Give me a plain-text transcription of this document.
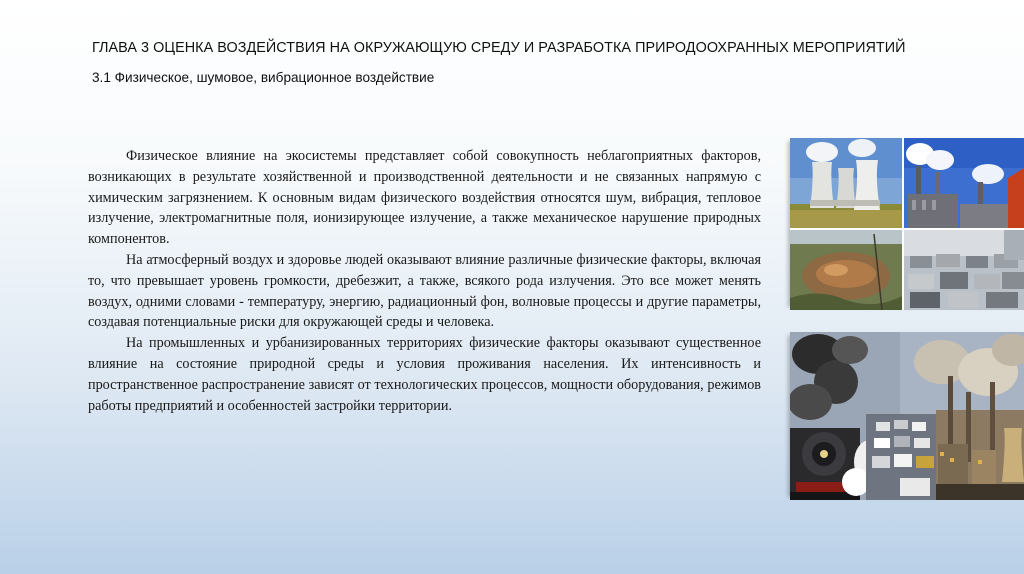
ГЛАВА 3 ОЦЕНКА ВОЗДЕЙСТВИЯ НА ОКРУЖАЮЩУЮ СРЕДУ И РАЗРАБОТКА ПРИРОДООХРАННЫХ МЕРОПРИЯТИЙ
3.1 Физическое, шумовое, вибрационное воздействие

Физическое влияние на экосистемы представляет собой совокупность неблагоприятных факторов, возникающих в результате хозяйственной и производственной деятельности и не связанных напрямую с химическим загрязнением. К основным видам физического воздействия относятся шум, вибрация, тепловое излучение, электромагнитные поля, ионизирующее излучение, а также механическое нарушение природных компонентов.

На атмосферный воздух и здоровье людей оказывают влияние различные физические факторы, включая то, что превышает уровень громкости, дребезжит, а также, всякого рода излучения. Это все может менять воздух, одними словами - температуру, энергию, радиационный фон, волновые процессы и другие параметры, создавая потенциальные риски для окружающей среды и человека.

На промышленных и урбанизированных территориях физические факторы оказывают существенное влияние на состояние природной среды и условия проживания населения. Их интенсивность и пространственное распространение зависят от технологических процессов, мощности оборудования, режимов работы предприятий и особенностей застройки территории.
